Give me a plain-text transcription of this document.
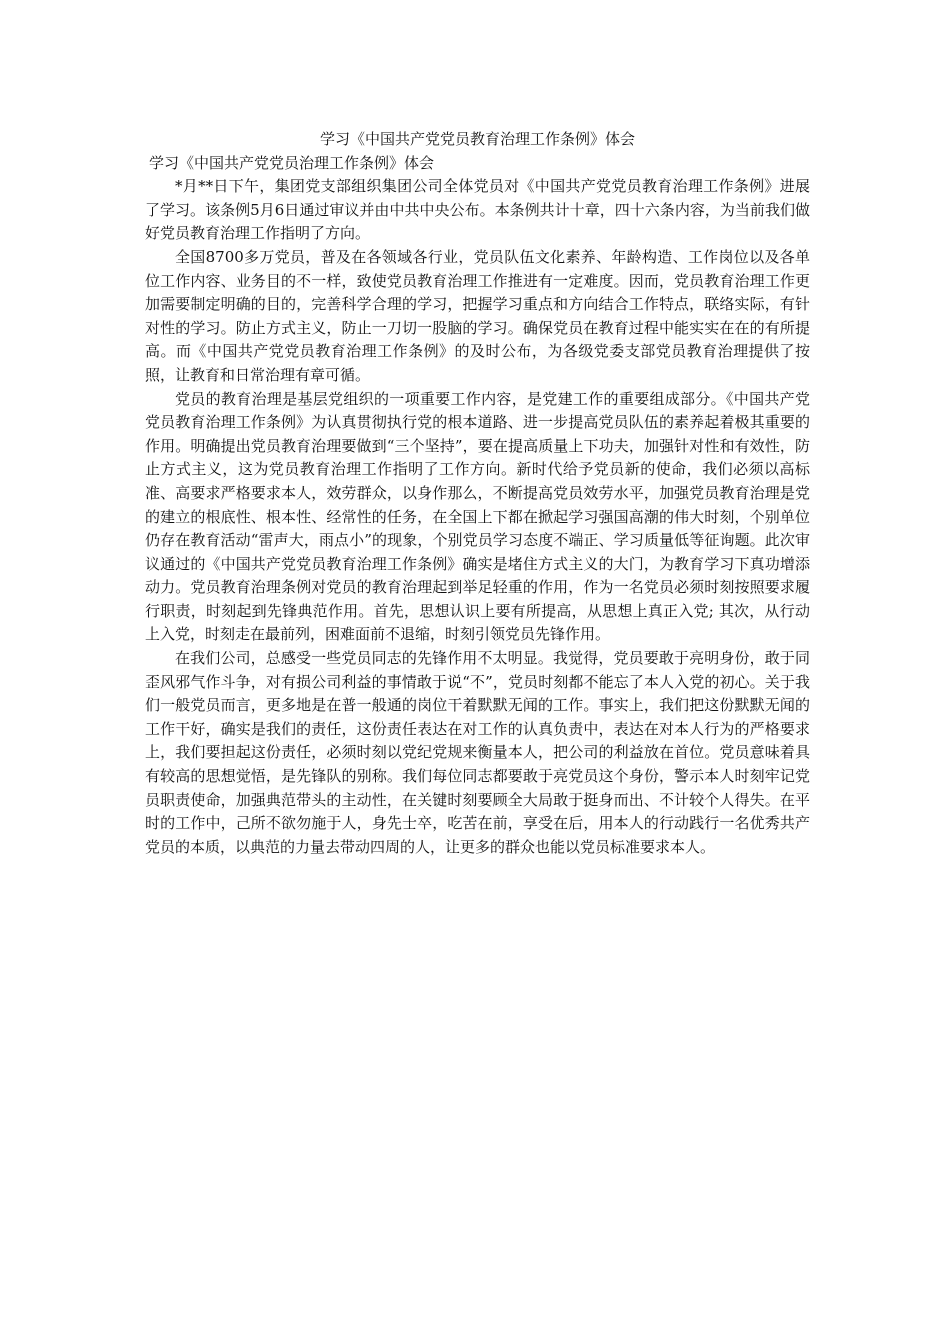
学习《中国共产党党员教育治理工作条例》体会

学习《中国共产党党员治理工作条例》体会

*月**日下午，集团党支部组织集团公司全体党员对《中国共产党党员教育治理工作条例》进展了学习。该条例5月6日通过审议并由中共中央公布。本条例共计十章，四十六条内容，为当前我们做好党员教育治理工作指明了方向。

全国8700多万党员，普及在各领域各行业，党员队伍文化素养、年龄构造、工作岗位以及各单位工作内容、业务目的不一样，致使党员教育治理工作推进有一定难度。因而，党员教育治理工作更加需要制定明确的目的，完善科学合理的学习，把握学习重点和方向结合工作特点，联络实际，有针对性的学习。防止方式主义，防止一刀切一股脑的学习。确保党员在教育过程中能实实在在的有所提高。而《中国共产党党员教育治理工作条例》的及时公布，为各级党委支部党员教育治理提供了按照，让教育和日常治理有章可循。

党员的教育治理是基层党组织的一项重要工作内容，是党建工作的重要组成部分。《中国共产党党员教育治理工作条例》为认真贯彻执行党的根本道路、进一步提高党员队伍的素养起着极其重要的作用。明确提出党员教育治理要做到“三个坚持”，要在提高质量上下功夫，加强针对性和有效性，防止方式主义，这为党员教育治理工作指明了工作方向。新时代给予党员新的使命，我们必须以高标准、高要求严格要求本人，效劳群众，以身作那么，不断提高党员效劳水平，加强党员教育治理是党的建立的根底性、根本性、经常性的任务，在全国上下都在掀起学习强国高潮的伟大时刻，个别单位仍存在教育活动“雷声大，雨点小”的现象，个别党员学习态度不端正、学习质量低等征询题。此次审议通过的《中国共产党党员教育治理工作条例》确实是堵住方式主义的大门，为教育学习下真功增添动力。党员教育治理条例对党员的教育治理起到举足轻重的作用，作为一名党员必须时刻按照要求履行职责，时刻起到先锋典范作用。首先，思想认识上要有所提高，从思想上真正入党; 其次，从行动上入党，时刻走在最前列，困难面前不退缩，时刻引领党员先锋作用。

在我们公司，总感受一些党员同志的先锋作用不太明显。我觉得，党员要敢于亮明身份，敢于同歪风邪气作斗争，对有损公司利益的事情敢于说“不”，党员时刻都不能忘了本人入党的初心。关于我们一般党员而言，更多地是在普一般通的岗位干着默默无闻的工作。事实上，我们把这份默默无闻的工作干好，确实是我们的责任，这份责任表达在对工作的认真负责中，表达在对本人行为的严格要求上，我们要担起这份责任，必须时刻以党纪党规来衡量本人，把公司的利益放在首位。党员意味着具有较高的思想觉悟，是先锋队的别称。我们每位同志都要敢于亮党员这个身份，警示本人时刻牢记党员职责使命，加强典范带头的主动性，在关键时刻要顾全大局敢于挺身而出、不计较个人得失。在平时的工作中，己所不欲勿施于人，身先士卒，吃苦在前，享受在后，用本人的行动践行一名优秀共产党员的本质，以典范的力量去带动四周的人，让更多的群众也能以党员标准要求本人。
